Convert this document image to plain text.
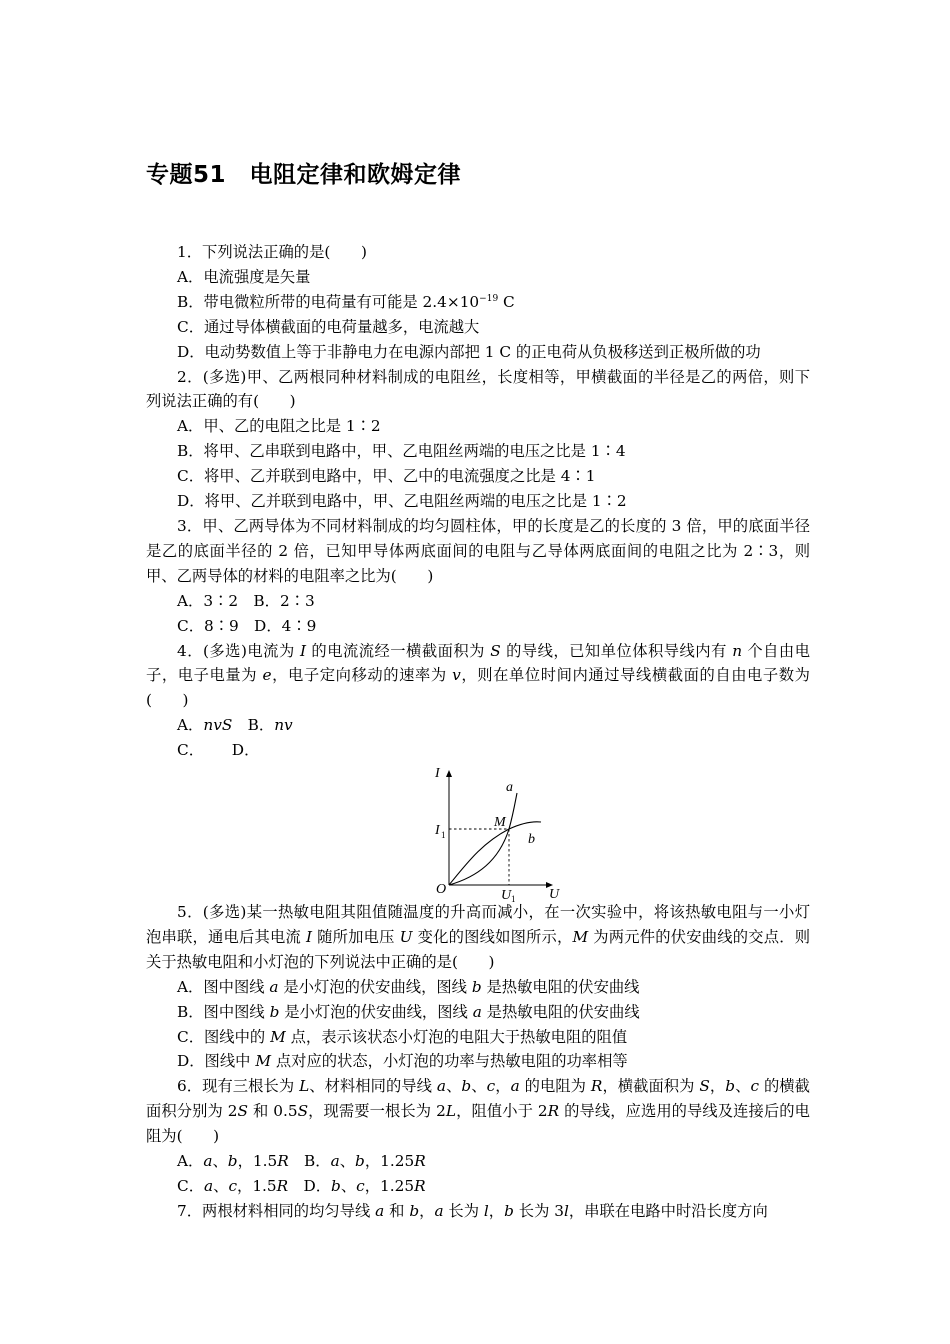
专题51　电阻定律和欧姆定律

1．下列说法正确的是(　　)

A．电流强度是矢量

B．带电微粒所带的电荷量有可能是 $2.4\times 10^{-19}$ C

C．通过导体横截面的电荷量越多，电流越大

D．电动势数值上等于非静电力在电源内部把 1 C 的正电荷从负极移送到正极所做的功

2．(多选)甲、乙两根同种材料制成的电阻丝，长度相等，甲横截面的半径是乙的两倍，则下列说法正确的有(　　)

A．甲、乙的电阻之比是 1∶2

B．将甲、乙串联到电路中，甲、乙电阻丝两端的电压之比是 1∶4

C．将甲、乙并联到电路中，甲、乙中的电流强度之比是 4∶1

D．将甲、乙并联到电路中，甲、乙电阻丝两端的电压之比是 1∶2

3．甲、乙两导体为不同材料制成的均匀圆柱体，甲的长度是乙的长度的 3 倍，甲的底面半径是乙的底面半径的 2 倍，已知甲导体两底面间的电阻与乙导体两底面间的电阻之比为 2∶3，则甲、乙两导体的材料的电阻率之比为(　　)

A．3∶2　B．2∶3

C．8∶9　D．4∶9

4．(多选)电流为 I 的电流流经一横截面积为 S 的导线，已知单位体积导线内有 n 个自由电子，电子电量为 e，电子定向移动的速率为 v，则在单位时间内通过导线横截面的自由电子数为(　　)

A．nvS　B．nv

C．　　 D．

I
U
O
I 1
U 1
M
a
b

5．(多选)某一热敏电阻其阻值随温度的升高而减小，在一次实验中，将该热敏电阻与一小灯泡串联，通电后其电流 I 随所加电压 U 变化的图线如图所示，M 为两元件的伏安曲线的交点．则关于热敏电阻和小灯泡的下列说法中正确的是(　　)

A．图中图线 a 是小灯泡的伏安曲线，图线 b 是热敏电阻的伏安曲线

B．图中图线 b 是小灯泡的伏安曲线，图线 a 是热敏电阻的伏安曲线

C．图线中的 M 点，表示该状态小灯泡的电阻大于热敏电阻的阻值

D．图线中 M 点对应的状态，小灯泡的功率与热敏电阻的功率相等

6．现有三根长为 L、材料相同的导线 a、b、c，a 的电阻为 R，横截面积为 S，b、c 的横截面积分别为 2S 和 0.5S，现需要一根长为 2L，阻值小于 2R 的导线，应选用的导线及连接后的电阻为(　　)

A．a、b，1.5R　B．a、b，1.25R

C．a、c，1.5R　D．b、c，1.25R

7．两根材料相同的均匀导线 a 和 b，a 长为 l，b 长为 3l，串联在电路中时沿长度方向
